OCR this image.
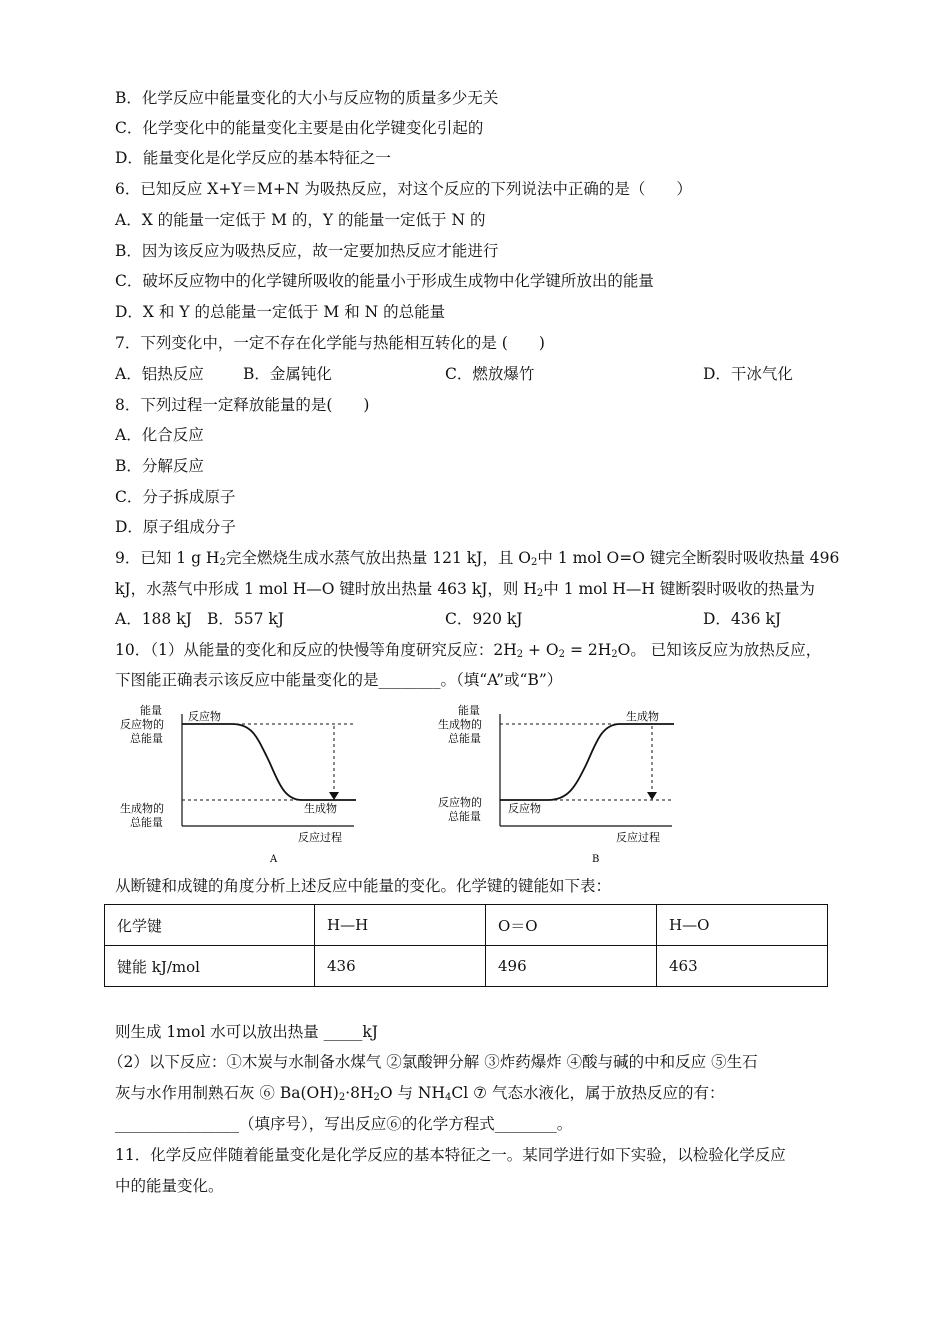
B．化学反应中能量变化的大小与反应物的质量多少无关
C．化学变化中的能量变化主要是由化学键变化引起的
D．能量变化是化学反应的基本特征之一
6．已知反应 X+Y＝M+N 为吸热反应，对这个反应的下列说法中正确的是（　　）
A．X 的能量一定低于 M 的，Y 的能量一定低于 N 的
B．因为该反应为吸热反应，故一定要加热反应才能进行
C．破坏反应物中的化学键所吸收的能量小于形成生成物中化学键所放出的能量
D．X 和 Y 的总能量一定低于 M 和 N 的总能量
7．下列变化中，一定不存在化学能与热能相互转化的是 (　　)
A．铝热反应	B．金属钝化	C．燃放爆竹	D．干冰气化
8．下列过程一定释放能量的是(　　)
A．化合反应
B．分解反应
C．分子拆成原子
D．原子组成分子
9．已知 1 g $H_2$完全燃烧生成水蒸气放出热量 121 kJ，且 $O_2$中 1 mol O=O 键完全断裂时吸收热量 496
kJ，水蒸气中形成 1 mol H—O 键时放出热量 463 kJ，则 $H_2$中 1 mol H—H 键断裂时吸收的热量为
A．188 kJ B．557 kJ	C．920 kJ	D．436 kJ
10．（1）从能量的变化和反应的快慢等角度研究反应：$2H_2 + O_2 = 2H_2O$。 已知该反应为放热反应，
下图能正确表示该反应中能量变化的是________。（填“A”或“B”）
能量
反应物的
总能量
生成物的
总能量
反应物
生成物
反应过程
A
能量
生成物的
总能量
反应物的
总能量
反应物
生成物
反应过程
B
从断键和成键的角度分析上述反应中能量的变化。化学键的键能如下表：
化学键	H—H	O＝O	H—O
键能 kJ/mol	436	496	463
则生成 1mol 水可以放出热量 _____kJ
（2）以下反应：①木炭与水制备水煤气 ②氯酸钾分解 ③炸药爆炸 ④酸与碱的中和反应 ⑤生石
灰与水作用制熟石灰 ⑥ $Ba(OH)_2\cdot 8H_2O$ 与 $NH_4Cl$ ⑦ 气态水液化，属于放热反应的有：
________________（填序号），写出反应⑥的化学方程式________。
11．化学反应伴随着能量变化是化学反应的基本特征之一。某同学进行如下实验，以检验化学反应
中的能量变化。
